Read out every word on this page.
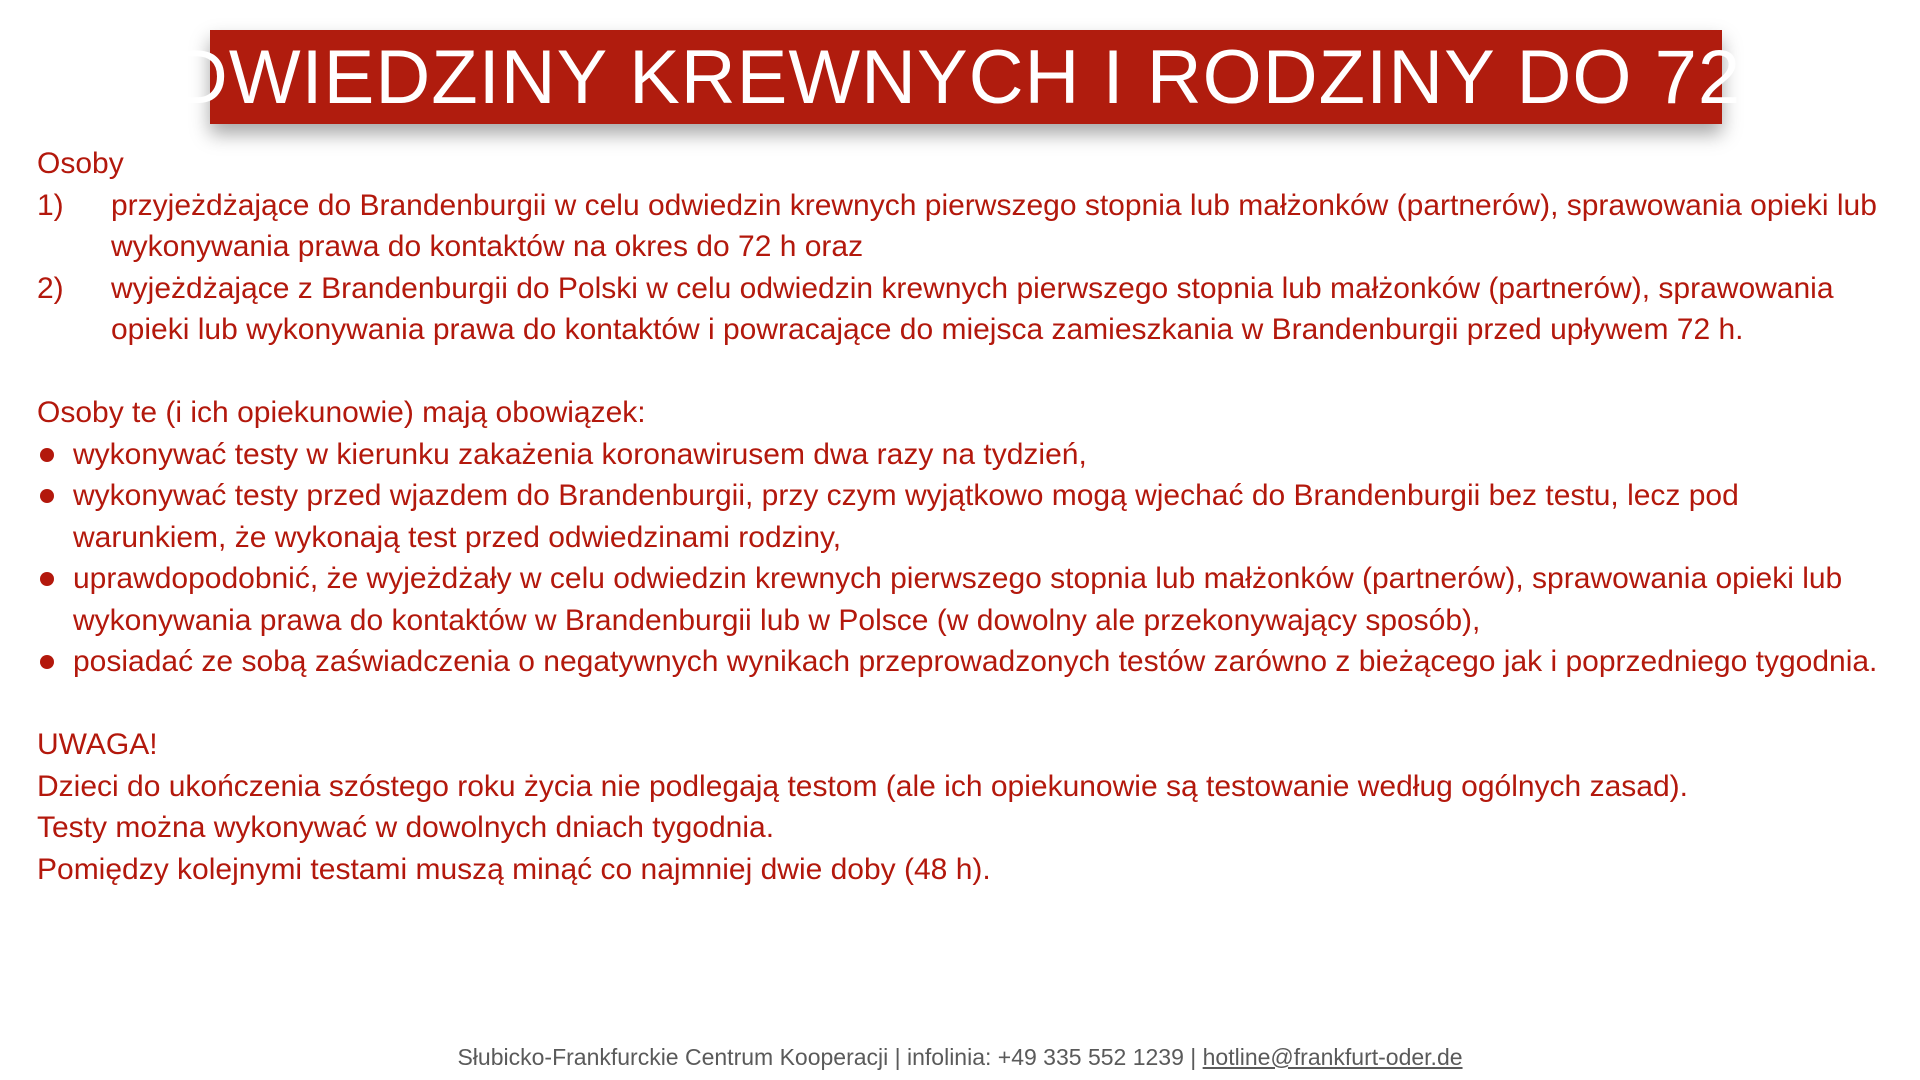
ODWIEDZINY KREWNYCH I RODZINY DO 72 H

Osoby

1)	przyjeżdżające do Brandenburgii w celu odwiedzin krewnych pierwszego stopnia lub małżonków (partnerów), sprawowania opieki lub wykonywania prawa do kontaktów na okres do 72 h oraz
2)	wyjeżdżające z Brandenburgii do Polski w celu odwiedzin krewnych pierwszego stopnia lub małżonków (partnerów), sprawowania opieki lub wykonywania prawa do kontaktów i powracające do miejsca zamieszkania w Brandenburgii przed upływem 72 h.

Osoby te (i ich opiekunowie) mają obowiązek:

wykonywać testy w kierunku zakażenia koronawirusem dwa razy na tydzień,
wykonywać testy przed wjazdem do Brandenburgii, przy czym wyjątkowo mogą wjechać do Brandenburgii bez testu, lecz pod warunkiem, że wykonają test przed odwiedzinami rodziny,
uprawdopodobnić, że wyjeżdżały w celu odwiedzin krewnych pierwszego stopnia lub małżonków (partnerów), sprawowania opieki lub wykonywania prawa do kontaktów w Brandenburgii lub w Polsce (w dowolny ale przekonywający sposób),
posiadać ze sobą zaświadczenia o negatywnych wynikach przeprowadzonych testów zarówno z bieżącego jak i poprzedniego tygodnia.

UWAGA!

Dzieci do ukończenia szóstego roku życia nie podlegają testom (ale ich opiekunowie są testowanie według ogólnych zasad).

Testy można wykonywać w dowolnych dniach tygodnia.

Pomiędzy kolejnymi testami muszą minąć co najmniej dwie doby (48 h).

Słubicko-Frankfurckie Centrum Kooperacji | infolinia: +49 335 552 1239 | hotline@frankfurt-oder.de
